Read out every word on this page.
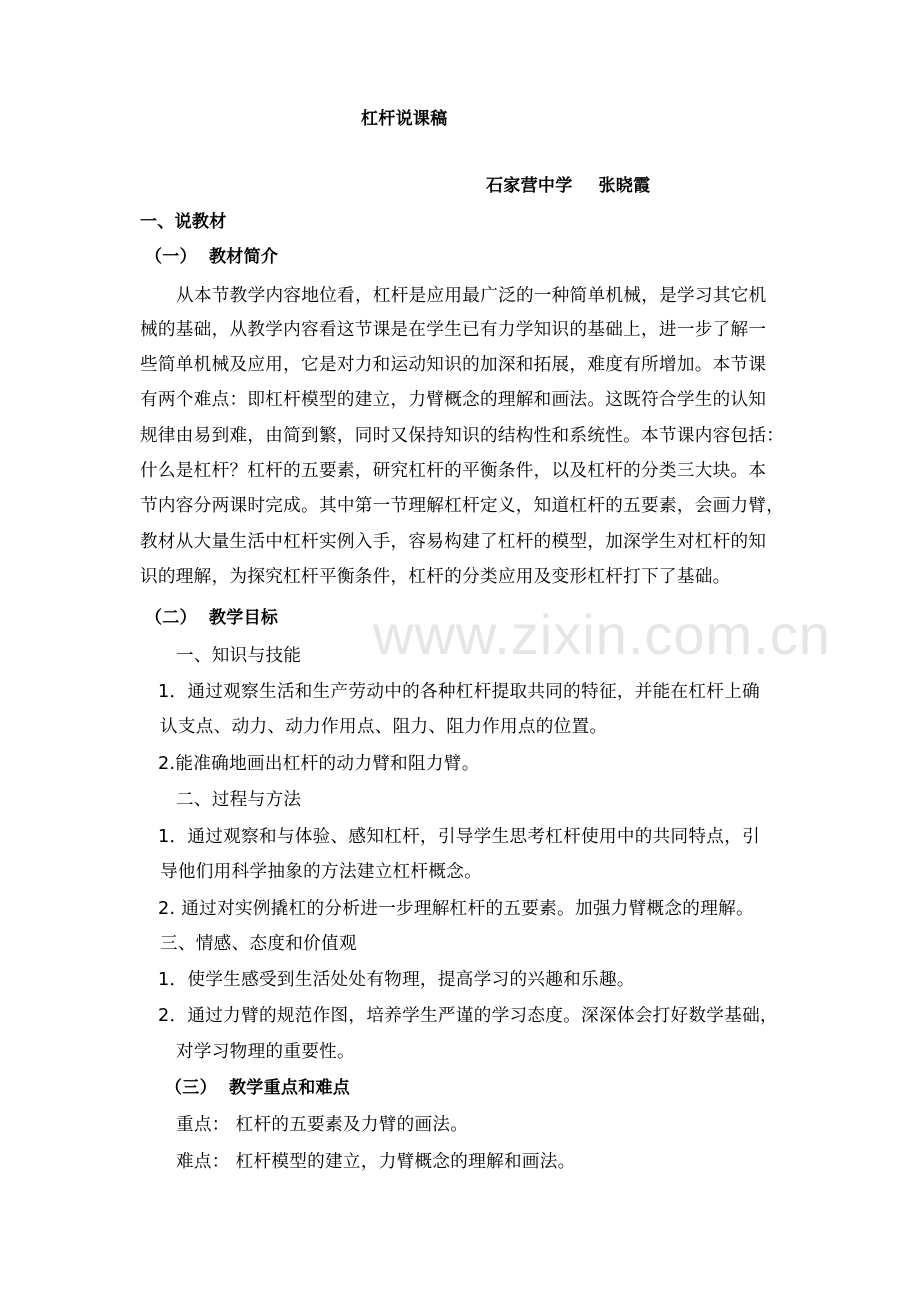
杠杆说课稿
石家营中学 张晓霞
一、说教材
（一） 教材简介
从本节教学内容地位看，杠杆是应用最广泛的一种简单机械，是学习其它机
械的基础，从教学内容看这节课是在学生已有力学知识的基础上，进一步了解一
些简单机械及应用，它是对力和运动知识的加深和拓展，难度有所增加。本节课
有两个难点：即杠杆模型的建立，力臂概念的理解和画法。这既符合学生的认知
规律由易到难，由简到繁，同时又保持知识的结构性和系统性。本节课内容包括：
什么是杠杆？杠杆的五要素，研究杠杆的平衡条件，以及杠杆的分类三大块。本
节内容分两课时完成。其中第一节理解杠杆定义，知道杠杆的五要素，会画力臂，
教材从大量生活中杠杆实例入手，容易构建了杠杆的模型，加深学生对杠杆的知
识的理解，为探究杠杆平衡条件，杠杆的分类应用及变形杠杆打下了基础。
（二） 教学目标
一、知识与技能
1．通过观察生活和生产劳动中的各种杠杆提取共同的特征，并能在杠杆上确
认支点、动力、动力作用点、阻力、阻力作用点的位置。
2.能准确地画出杠杆的动力臂和阻力臂。
二、过程与方法
1．通过观察和与体验、感知杠杆，引导学生思考杠杆使用中的共同特点，引
导他们用科学抽象的方法建立杠杆概念。
2. 通过对实例撬杠的分析进一步理解杠杆的五要素。加强力臂概念的理解。
三、情感、态度和价值观
1．使学生感受到生活处处有物理，提高学习的兴趣和乐趣。
2．通过力臂的规范作图，培养学生严谨的学习态度。深深体会打好数学基础，
对学习物理的重要性。
（三） 教学重点和难点
重点： 杠杆的五要素及力臂的画法。
难点： 杠杆模型的建立，力臂概念的理解和画法。
www.zixin.com.cn
